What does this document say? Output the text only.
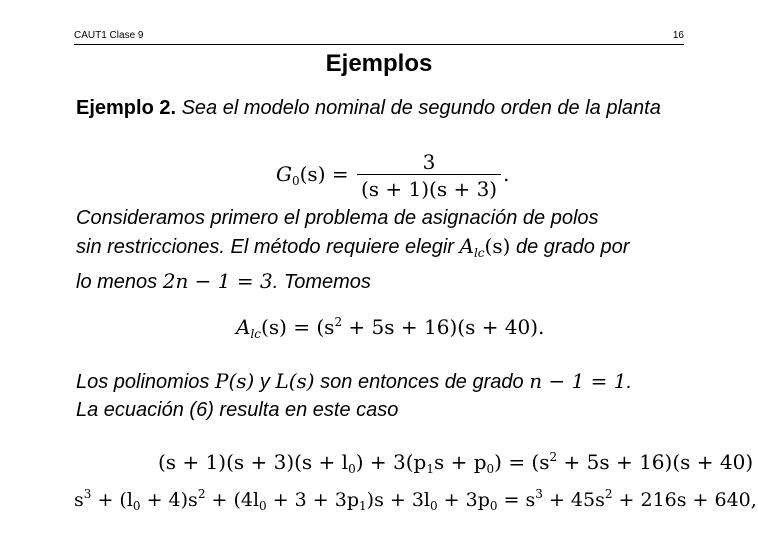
CAUT1 Clase 9	16
Ejemplos
Ejemplo 2. Sea el modelo nominal de segundo orden de la planta
$G_0(s) = \frac{3}{(s + 1)(s + 3)}$ .
Consideramos primero el problema de asignación de polos
sin restricciones. El método requiere elegir $A_{lc}(s)$ de grado por
lo menos 2n − 1 = 3. Tomemos
$A_{lc}(s) = (s^2 + 5s + 16)(s + 40)$.
Los polinomios P(s) y L(s) son entonces de grado n − 1 = 1.
La ecuación (6) resulta en este caso
$(s + 1)(s + 3)(s + l_0) + 3(p_1s + p_0) = (s^2 + 5s + 16)(s + 40)$
$s^3 + (l_0 + 4)s^2 + (4l_0 + 3 + 3p_1)s + 3l_0 + 3p_0 = s^3 + 45s^2 + 216s + 640$,
